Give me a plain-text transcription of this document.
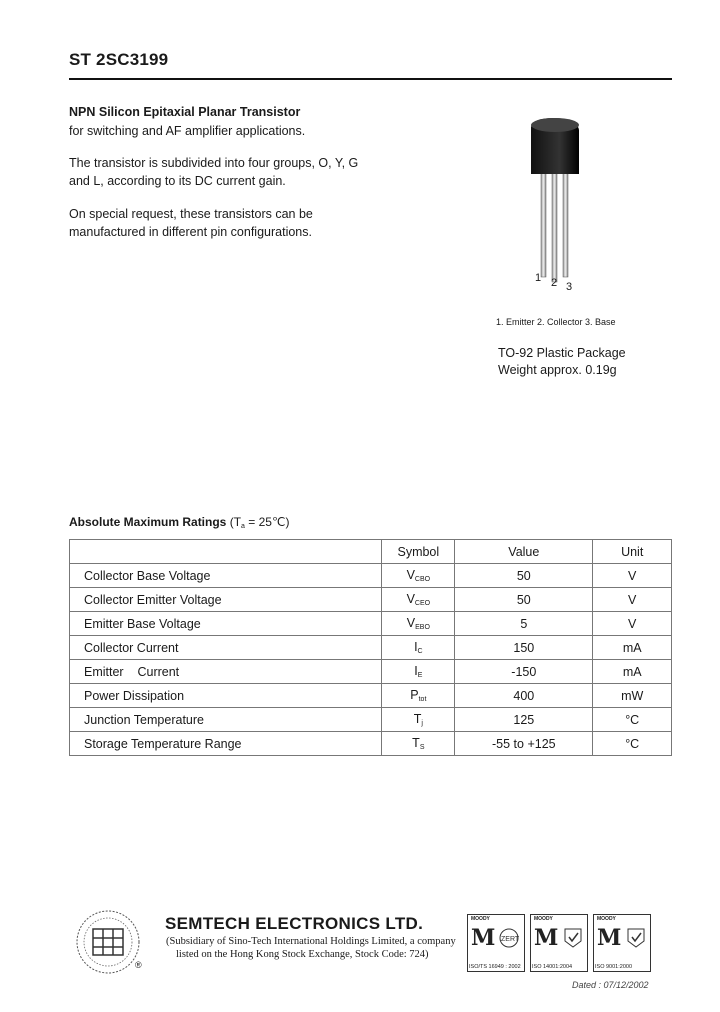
ST 2SC3199
NPN Silicon Epitaxial Planar Transistor
for switching and AF amplifier applications.
The transistor is subdivided into four groups, O, Y, G
and L, according to its DC current gain.
On special request, these transistors can be
manufactured in different pin configurations.
1 2 3
1. Emitter 2. Collector 3. Base
TO-92 Plastic Package
Weight approx. 0.19g
Absolute Maximum Ratings ($T_a$ = 25℃)
	Symbol	Value	Unit
Collector Base Voltage	$V_{CBO}$	50	V
Collector Emitter Voltage	$V_{CEO}$	50	V
Emitter Base Voltage	$V_{EBO}$	5	V
Collector Current	$I_C$	150	mA
Emitter    Current	$I_E$	-150	mA
Power Dissipation	$P_{tot}$	400	mW
Junction Temperature	$T_j$	125	°C
Storage Temperature Range	$T_S$	-55 to +125	°C
®
SEMTECH ELECTRONICS LTD.
(Subsidiary of Sino-Tech International Holdings Limited, a company
listed on the Hong Kong Stock Exchange, Stock Code: 724)
MOODY
M ZERT
ISO/TS 16949 : 2002
MOODY
M
ISO 14001:2004
MOODY
M
ISO 9001:2000
Dated : 07/12/2002
